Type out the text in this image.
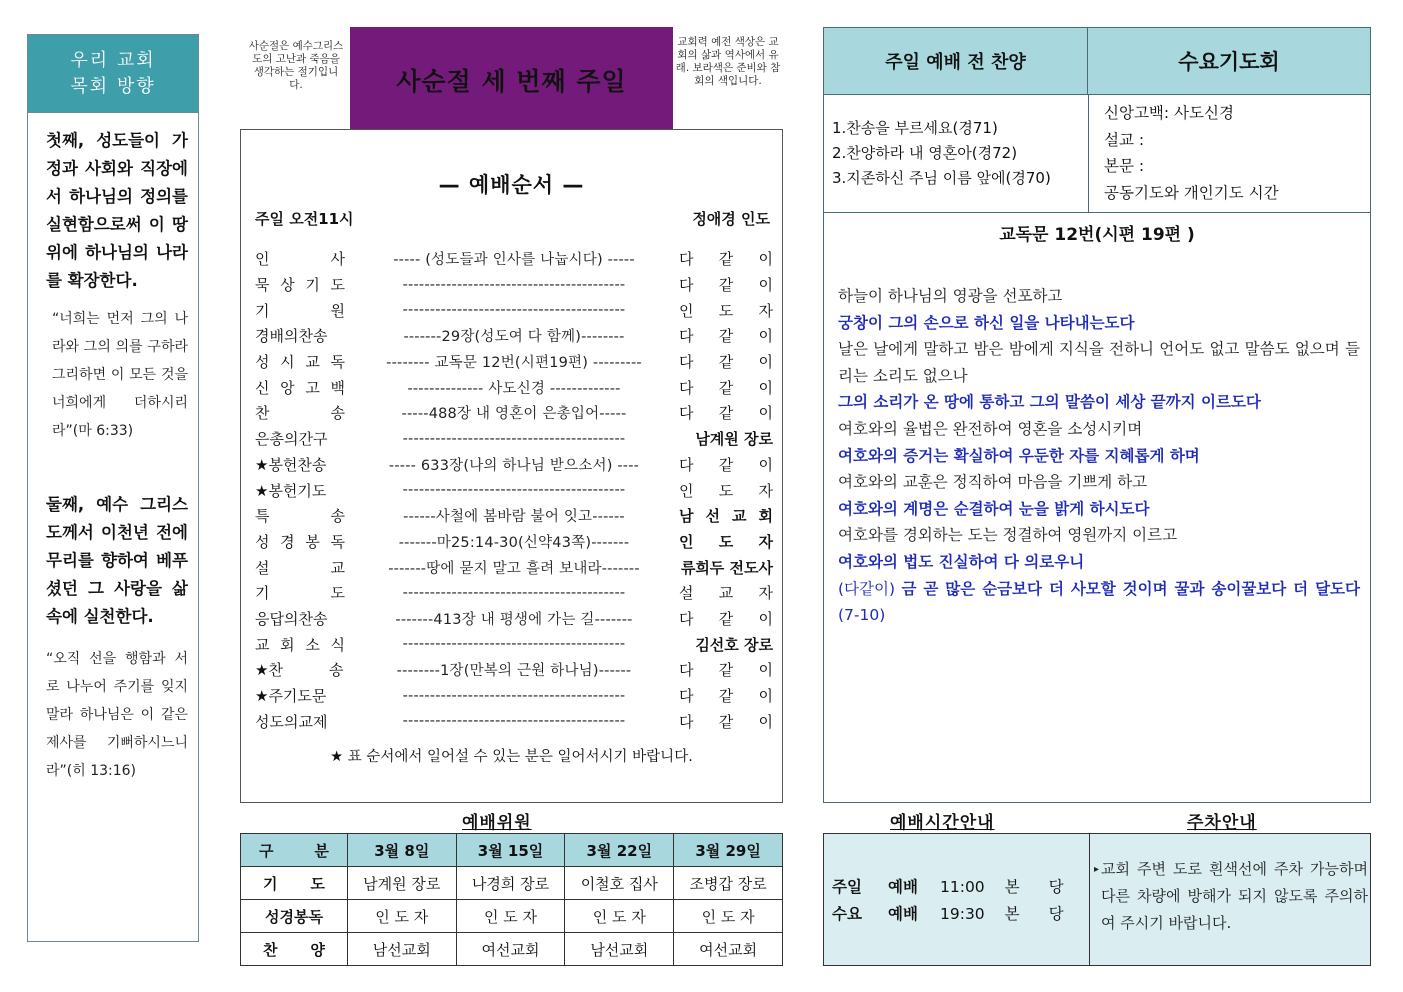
우리 교회
목회 방향
첫째, 성도들이 가정과 사회와 직장에서 하나님의 정의를 실현함으로써 이 땅위에 하나님의 나라를 확장한다.
“너희는 먼저 그의 나라와 그의 의를 구하라 그리하면 이 모든 것을 너희에게 더하시리라”(마 6:33)
둘째, 예수 그리스도께서 이천년 전에 무리를 향하여 베푸셨던 그 사랑을 삶 속에 실천한다.
“오직 선을 행함과 서로 나누어 주기를 잊지 말라 하나님은 이 같은 제사를 기뻐하시느니라”(히 13:16)
사순절은 예수그리스도의 고난과 죽음을 생각하는 절기입니다.	사순절 세 번째 주일
교회력 예전 색상은 교회의 삶과 역사에서 유래. 보라색은 준비와 참회의 색입니다.
— 예배순서 —
주일 오전11시	정애경 인도
인	사	----- (성도들과 인사를 나눕시다) -----	다 같 이
묵 상 기 도	-----------------------------------------	다 같 이
기	원	-----------------------------------------	인 도 자
경배의찬송	-------29장(성도여 다 함께)--------	다 같 이
성 시 교 독	-------- 교독문 12번(시편19편) ---------	다 같 이
신 앙 고 백	-------------- 사도신경 -------------	다 같 이
찬	송	-----488장 내 영혼이 은총입어-----	다 같 이
은총의간구	-----------------------------------------	남계원 장로
★봉헌찬송	----- 633장(나의 하나님 받으소서) ----	다 같 이
★봉헌기도	-----------------------------------------	인 도 자
특	송	------사철에 봄바람 불어 잇고------	남 선 교 회
성 경 봉 독	-------마25:14-30(신약43쪽)-------	인 도 자
설	교	-------땅에 묻지 말고 흘려 보내라-------	류희두 전도사
기	도	-----------------------------------------	설 교 자
응답의찬송	-------413장 내 평생에 가는 길-------	다 같 이
교 회 소 식	-----------------------------------------	김선호 장로
★찬	송	--------1장(만복의 근원 하나님)------	다 같 이
★주기도문	-----------------------------------------	다 같 이
성도의교제	-----------------------------------------	다 같 이
★ 표 순서에서 일어설 수 있는 분은 일어서시기 바랍니다.
예배위원
구 분	3월 8일	3월 15일	3월 22일	3월 29일

기 도	남계원 장로	나경희 장로	이철호 집사	조병갑 장로
성경봉독	인 도 자	인 도 자	인 도 자	인 도 자

찬 양	남선교회	여선교회	남선교회	여선교회
주일 예배 전 찬양	수요기도회
1.찬송을 부르세요(경71)
2.찬양하라 내 영혼아(경72)
3.지존하신 주님 이름 앞에(경70)
신앙고백: 사도신경
설교 :
본문 :
공동기도와 개인기도 시간
교독문 12번(시편 19편 )
하늘이 하나님의 영광을 선포하고
궁창이 그의 손으로 하신 일을 나타내는도다
날은 날에게 말하고 밤은 밤에게 지식을 전하니 언어도 없고 말씀도 없으며 들리는 소리도 없으나
그의 소리가 온 땅에 통하고 그의 말씀이 세상 끝까지 이르도다
여호와의 율법은 완전하여 영혼을 소성시키며
여호와의 증거는 확실하여 우둔한 자를 지혜롭게 하며
여호와의 교훈은 정직하여 마음을 기쁘게 하고
여호와의 계명은 순결하여 눈을 밝게 하시도다
여호와를 경외하는 도는 정결하여 영원까지 이르고
여호와의 법도 진실하여 다 의로우니
(다같이) 금 곧 많은 순금보다 더 사모할 것이며 꿀과 송이꿀보다 더 달도다(7-10)
예배시간안내	주차안내
주일 예배 11:00 본 당
수요 예배 19:30 본 당
▸ 교회 주변 도로 흰색선에 주차 가능하며 다른 차량에 방해가 되지 않도록 주의하여 주시기 바랍니다.
